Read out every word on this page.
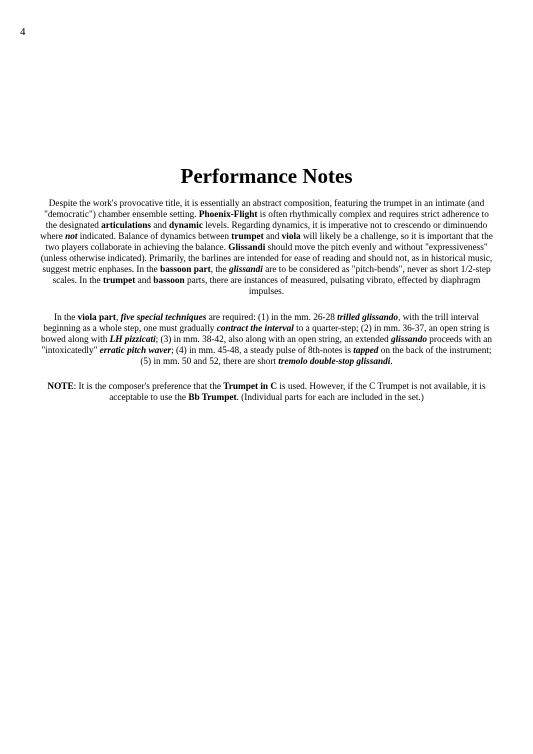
4
Performance Notes

Despite the work's provocative title, it is essentially an abstract composition, featuring the trumpet in an intimate (and "democratic") chamber ensemble setting. Phoenix-Flight is often rhythmically complex and requires strict adherence to the designated articulations and dynamic levels. Regarding dynamics, it is imperative not to crescendo or diminuendo where not indicated. Balance of dynamics between trumpet and viola will likely be a challenge, so it is important that the two players collaborate in achieving the balance. Glissandi should move the pitch evenly and without "expressiveness" (unless otherwise indicated). Primarily, the barlines are intended for ease of reading and should not, as in historical music, suggest metric enphases. In the bassoon part, the glissandi are to be considered as "pitch-bends", never as short 1/2-step scales. In the trumpet and bassoon parts, there are instances of measured, pulsating vibrato, effected by diaphragm impulses.

In the viola part, five special techniques are required: (1) in the mm. 26-28 trilled glissando, with the trill interval beginning as a whole step, one must gradually contract the interval to a quarter-step; (2) in mm. 36-37, an open string is bowed along with LH pizzicati; (3) in mm. 38-42, also along with an open string, an extended glissando proceeds with an "intoxicatedly" erratic pitch waver; (4) in mm. 45-48, a steady pulse of 8th-notes is tapped on the back of the instrument; (5) in mm. 50 and 52, there are short tremolo double-stop glissandi.

NOTE: It is the composer's preference that the Trumpet in C is used. However, if the C Trumpet is not available, it is acceptable to use the Bb Trumpet. (Individual parts for each are included in the set.)
